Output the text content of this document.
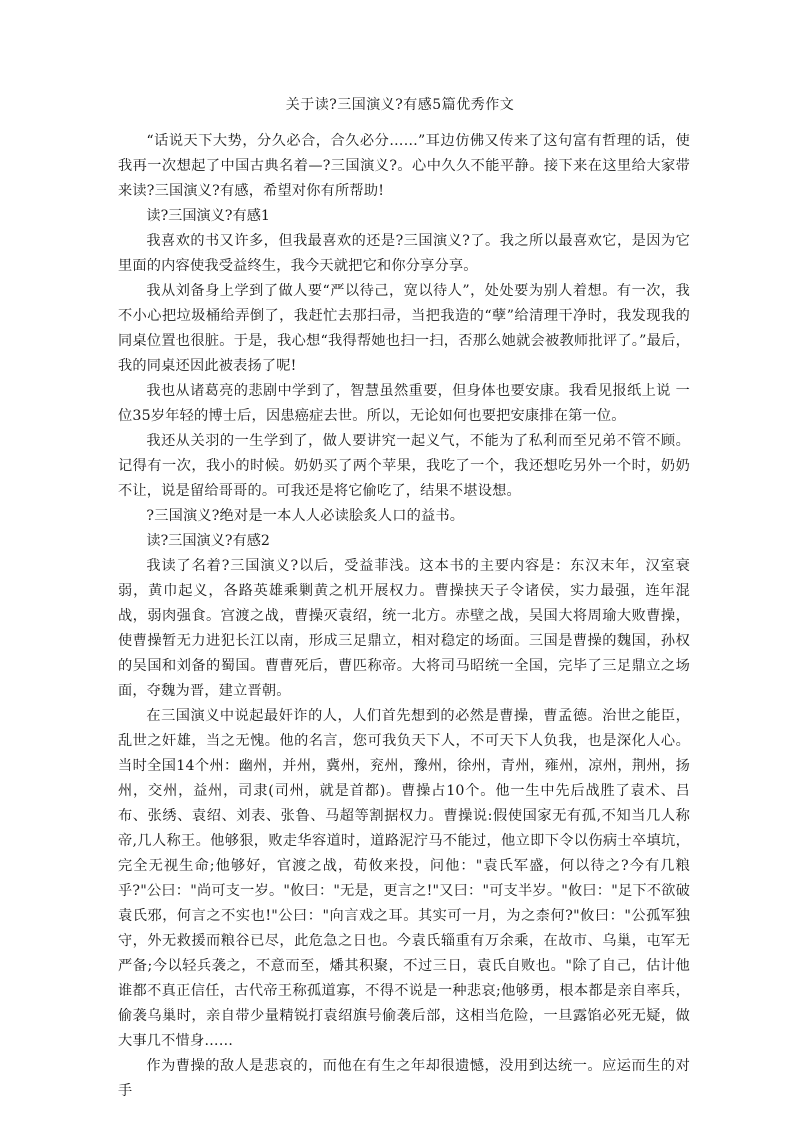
关于读?三国演义?有感5篇优秀作文

“话说天下大势，分久必合，合久必分……”耳边仿佛又传来了这句富有哲理的话，使我再一次想起了中国古典名着—?三国演义?。心中久久不能平静。接下来在这里给大家带来读?三国演义?有感，希望对你有所帮助!

读?三国演义?有感1

我喜欢的书又许多，但我最喜欢的还是?三国演义?了。我之所以最喜欢它，是因为它里面的内容使我受益终生，我今天就把它和你分享分享。

我从刘备身上学到了做人要“严以待己，宽以待人”，处处要为别人着想。有一次，我不小心把垃圾桶给弄倒了，我赶忙去那扫帚，当把我造的“孽”给清理干净时，我发现我的同桌位置也很脏。于是，我心想“我得帮她也扫一扫，否那么她就会被教师批评了。”最后，我的同桌还因此被表扬了呢!

我也从诸葛亮的悲剧中学到了，智慧虽然重要，但身体也要安康。我看见报纸上说 一位35岁年轻的博士后，因患癌症去世。所以，无论如何也要把安康排在第一位。

我还从关羽的一生学到了，做人要讲究一起义气，不能为了私利而至兄弟不管不顾。记得有一次，我小的时候。奶奶买了两个苹果，我吃了一个，我还想吃另外一个时，奶奶不让，说是留给哥哥的。可我还是将它偷吃了，结果不堪设想。

?三国演义?绝对是一本人人必读脍炙人口的益书。

读?三国演义?有感2

我读了名着?三国演义?以后，受益菲浅。这本书的主要内容是：东汉末年，汉室衰弱，黄巾起义，各路英雄乘剿黄之机开展权力。曹操挟天子令诸侯，实力最强，连年混战，弱肉强食。宫渡之战，曹操灭袁绍，统一北方。赤壁之战，吴国大将周瑜大败曹操，使曹操暂无力进犯长江以南，形成三足鼎立，相对稳定的场面。三国是曹操的魏国，孙权的吴国和刘备的蜀国。曹曹死后，曹匹称帝。大将司马昭统一全国，完毕了三足鼎立之场面，夺魏为晋，建立晋朝。

在三国演义中说起最奸诈的人，人们首先想到的必然是曹操，曹孟德。治世之能臣，乱世之奸雄，当之无愧。他的名言，您可我负天下人，不可天下人负我，也是深化人心。当时全国14个州：幽州，并州，冀州，兖州，豫州，徐州，青州，雍州，凉州，荆州，扬州，交州，益州，司隶(司州，就是首都)。曹操占10个。他一生中先后战胜了袁术、吕布、张绣、袁绍、刘表、张鲁、马超等割据权力。曹操说:假使国家无有孤,不知当几人称帝,几人称王。他够狠，败走华容道时，道路泥泞马不能过，他立即下令以伤病士卒填坑，完全无视生命;他够好，官渡之战，荀攸来投，问他："袁氏军盛，何以待之?今有几粮乎?"公曰："尚可支一岁。"攸曰："无是，更言之!"又曰："可支半岁。"攸曰："足下不欲破袁氏邪，何言之不实也!"公曰："向言戏之耳。其实可一月，为之柰何?"攸曰："公孤军独守，外无救援而粮谷已尽，此危急之日也。今袁氏辎重有万余乘，在故市、乌巢，屯军无严备;今以轻兵袭之，不意而至，燔其积聚，不过三日，袁氏自败也。"除了自己，估计他谁都不真正信任，古代帝王称孤道寡，不得不说是一种悲哀;他够勇，根本都是亲自率兵，偷袭乌巢时，亲自带少量精锐打袁绍旗号偷袭后部，这相当危险，一旦露馅必死无疑，做大事几不惜身……

作为曹操的敌人是悲哀的，而他在有生之年却很遗憾，没用到达统一。应运而生的对手
